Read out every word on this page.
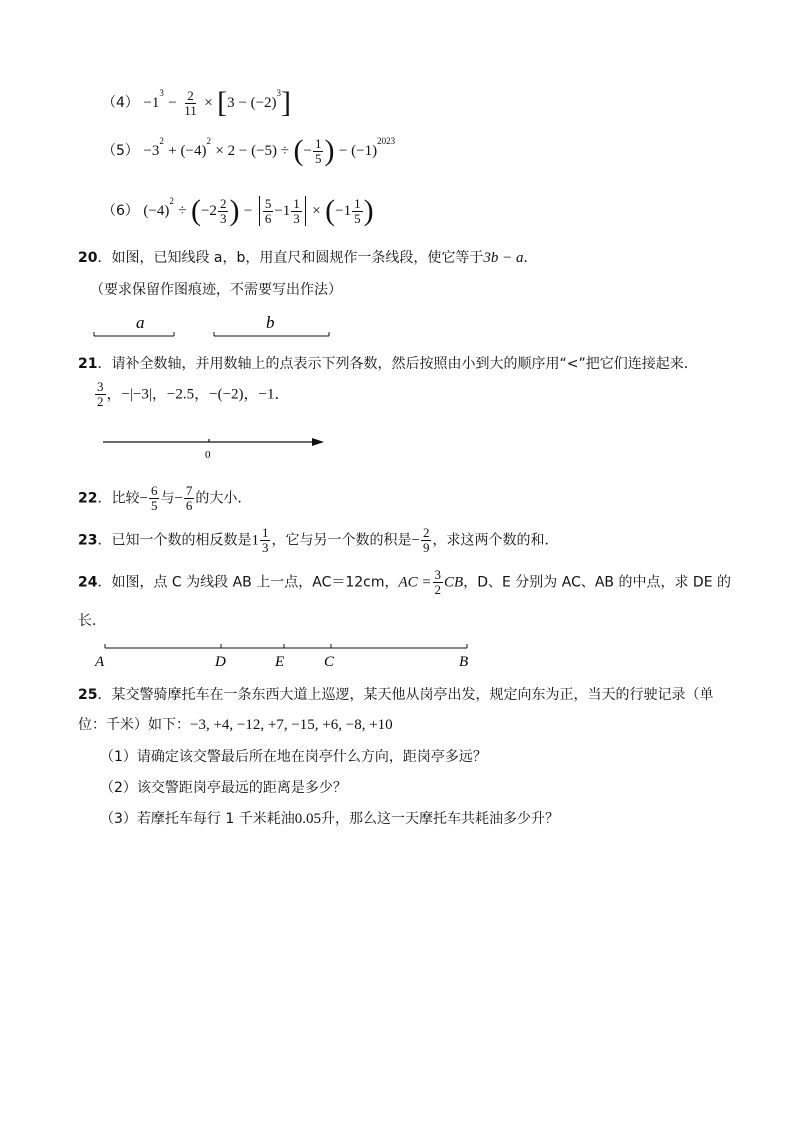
$(4) -1^3 - \frac{2}{11} \times [3 - (-2)^3]$
$(5) -3^2 + (-4)^2 \times 2 - (-5)$ ÷ (− $\frac{1}{5}$ ) − $(-1)^{2023}$
（6） $(-4)^2 \div (-2 \frac{2}{3}$ ) − $\frac{5}{6} -1 \frac{1}{3} \times (-1 \frac{1}{5}$ )
20．如图，已知线段 a，b，用直尺和圆规作一条线段，使它等于3b − a．
（要求保留作图痕迹，不需要写出作法）
a	b
21．请补全数轴，并用数轴上的点表示下列各数，然后按照由小到大的顺序用“<”把它们连接起来．
$\frac{3}{2}$ ，−|−3|，−2.5，−(−2)，−1．
0
22．比较− $\frac{6}{5}$ 与− $\frac{7}{6}$ 的大小．
23．已知一个数的相反数是$1 \frac{1}{3}$ ，它与另一个数的积是− $\frac{2}{9}$ ，求这两个数的和．
24．如图，点 C 为线段 AB 上一点，AC＝12cm，AC = $\frac{3}{2}$ CB，D、E 分别为 AC、AB 的中点，求 DE 的
长．
A	D	E	C	B
25．某交警骑摩托车在一条东西大道上巡逻，某天他从岗亭出发，规定向东为正，当天的行驶记录（单
位：千米）如下：−3, +4, −12, +7, −15, +6, −8, +10
（1）请确定该交警最后所在地在岗亭什么方向，距岗亭多远？
（2）该交警距岗亭最远的距离是多少？
（3）若摩托车每行 1 千米耗油0.05升，那么这一天摩托车共耗油多少升？
